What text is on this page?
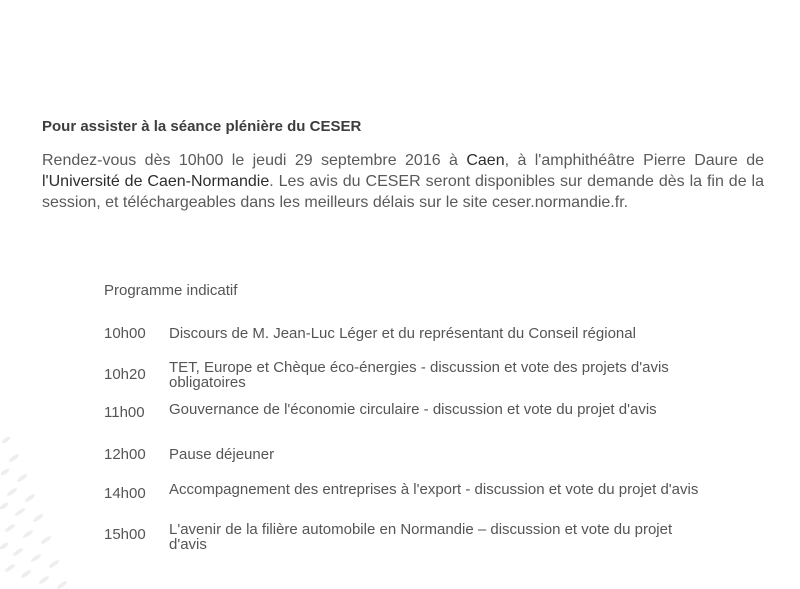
Pour assister à la séance plénière du CESER
Rendez-vous dès 10h00 le jeudi 29 septembre 2016 à Caen, à l'amphithéâtre Pierre Daure de l'Université de Caen-Normandie. Les avis du CESER seront disponibles sur demande dès la fin de la session, et téléchargeables dans les meilleurs délais sur le site ceser.normandie.fr.
Programme indicatif
10h00	Discours de M. Jean-Luc Léger et du représentant du Conseil régional
10h20	TET, Europe et Chèque éco-énergies - discussion et vote des projets d'avis obligatoires
11h00	Gouvernance de l'économie circulaire - discussion et vote du projet d'avis
12h00	Pause déjeuner
14h00	Accompagnement des entreprises à l'export - discussion et vote du projet d'avis
15h00	L'avenir de la filière automobile en Normandie – discussion et vote du projet d'avis
